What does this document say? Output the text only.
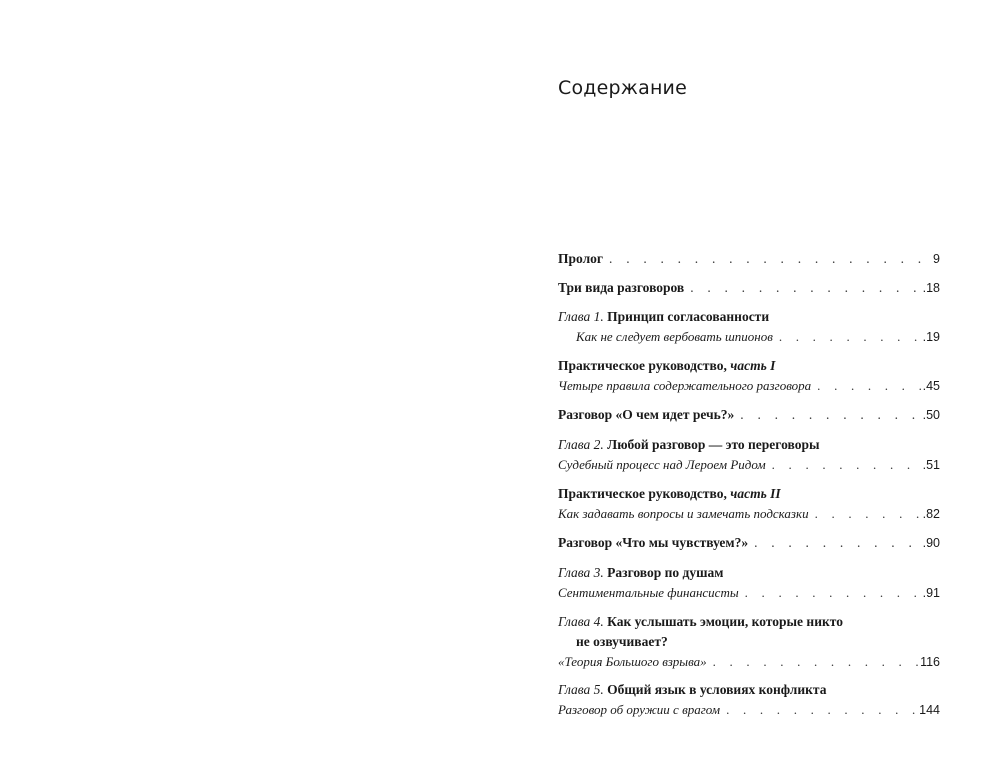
Содержание
Пролог . . .	9
Три вида разговоров . . .	.18
Глава 1. Принцип согласованности
Как не следует вербовать шпионов . . .	.19
Практическое руководство, часть I
Четыре правила содержательного разговора . . .	.45
Разговор «О чем идет речь?» . . .	.50
Глава 2. Любой разговор — это переговоры
Судебный процесс над Лероем Ридом . . .	.51
Практическое руководство, часть II
Как задавать вопросы и замечать подсказки . . .	.82
Разговор «Что мы чувствуем?» . . .	.90
Глава 3. Разговор по душам
Сентиментальные финансисты . . .	.91
Глава 4. Как услышать эмоции, которые никто
не озвучивает?
«Теория Большого взрыва» . . .	116
Глава 5. Общий язык в условиях конфликта
Разговор об оружии с врагом . . .	144
